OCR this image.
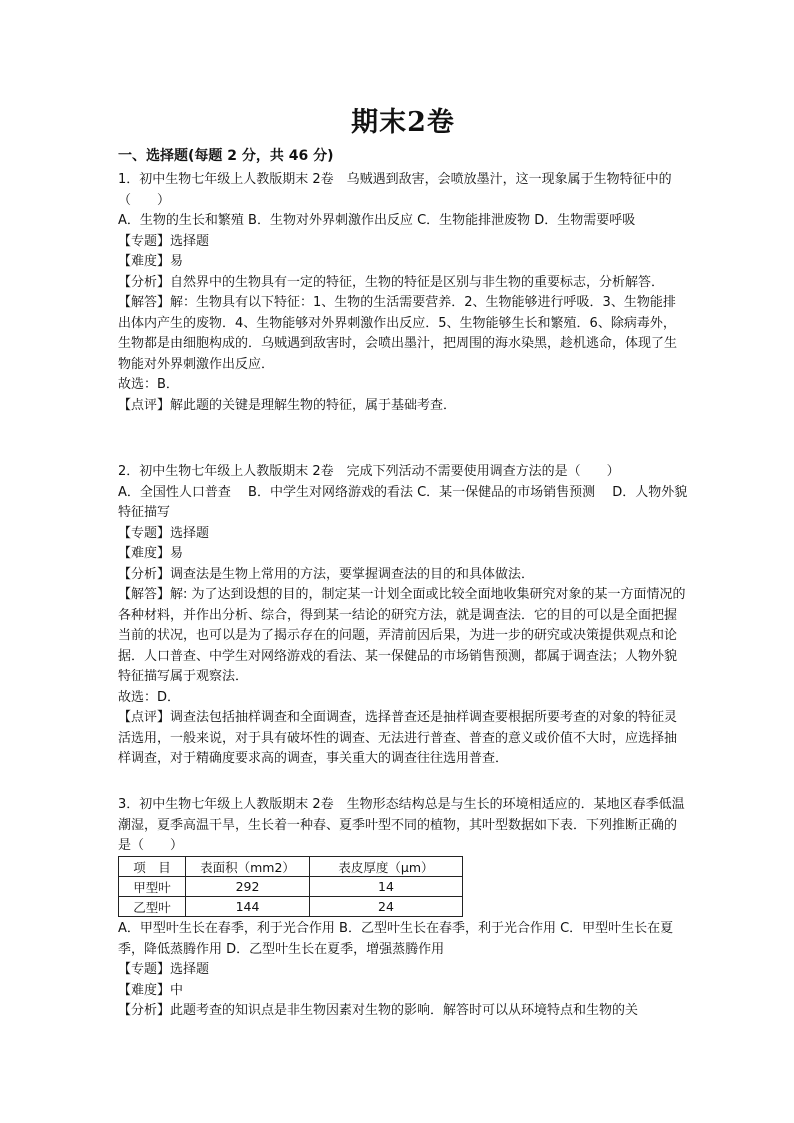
期末2卷
一、选择题(每题 2 分，共 46 分)

1．初中生物七年级上人教版期末 2卷　乌贼遇到敌害，会喷放墨汁，这一现象属于生物特征中的（　　）

A．生物的生长和繁殖 B．生物对外界刺激作出反应 C．生物能排泄废物 D．生物需要呼吸

【专题】选择题

【难度】易

【分析】自然界中的生物具有一定的特征，生物的特征是区别与非生物的重要标志，分析解答．

【解答】解：生物具有以下特征：1、生物的生活需要营养．2、生物能够进行呼吸．3、生物能排出体内产生的废物．4、生物能够对外界刺激作出反应．5、生物能够生长和繁殖．6、除病毒外，生物都是由细胞构成的．乌贼遇到敌害时，会喷出墨汁，把周围的海水染黑，趁机逃命，体现了生物能对外界刺激作出反应．

故选：B．

【点评】解此题的关键是理解生物的特征，属于基础考查．

2．初中生物七年级上人教版期末 2卷　完成下列活动不需要使用调查方法的是（　　）

A．全国性人口普查　 B．中学生对网络游戏的看法 C．某一保健品的市场销售预测　 D．人物外貌特征描写

【专题】选择题

【难度】易

【分析】调查法是生物上常用的方法，要掌握调查法的目的和具体做法．

【解答】解: 为了达到设想的目的，制定某一计划全面或比较全面地收集研究对象的某一方面情况的各种材料，并作出分析、综合，得到某一结论的研究方法，就是调查法．它的目的可以是全面把握当前的状况，也可以是为了揭示存在的问题，弄清前因后果，为进一步的研究或决策提供观点和论据．人口普查、中学生对网络游戏的看法、某一保健品的市场销售预测，都属于调查法；人物外貌特征描写属于观察法．

故选：D．

【点评】调查法包括抽样调查和全面调查，选择普查还是抽样调查要根据所要考查的对象的特征灵活选用，一般来说，对于具有破坏性的调查、无法进行普查、普查的意义或价值不大时，应选择抽样调查，对于精确度要求高的调查，事关重大的调查往往选用普查．

3．初中生物七年级上人教版期末 2卷　生物形态结构总是与生长的环境相适应的．某地区春季低温潮湿，夏季高温干旱，生长着一种春、夏季叶型不同的植物，其叶型数据如下表．下列推断正确的是（　　）

项　目	表面积（mm2）	表皮厚度（μm）
甲型叶	292	14
乙型叶	144	24

A．甲型叶生长在春季，利于光合作用 B．乙型叶生长在春季，利于光合作用 C．甲型叶生长在夏季，降低蒸腾作用 D．乙型叶生长在夏季，增强蒸腾作用

【专题】选择题

【难度】中

【分析】此题考查的知识点是非生物因素对生物的影响．解答时可以从环境特点和生物的关
